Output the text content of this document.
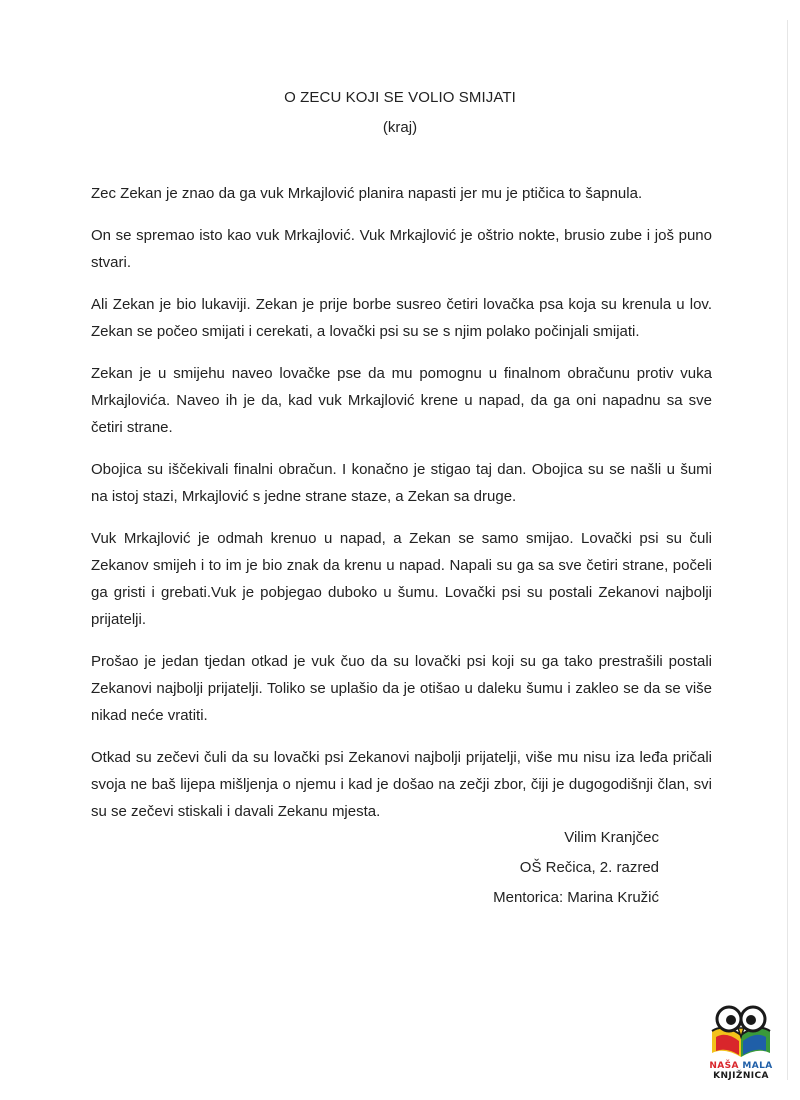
O ZECU KOJI SE VOLIO SMIJATI
(kraj)

Zec Zekan je znao da ga vuk Mrkajlović planira napasti jer mu je ptičica to šapnula.

On se spremao isto kao vuk Mrkajlović. Vuk Mrkajlović je oštrio nokte, brusio zube i još puno stvari.

Ali Zekan je bio lukaviji. Zekan je prije borbe susreo četiri lovačka psa koja su krenula u lov. Zekan se počeo smijati i cerekati, a lovački psi su se s njim polako počinjali smijati.

Zekan je u smijehu naveo lovačke pse da mu pomognu u finalnom obračunu protiv vuka Mrkajlovića. Naveo ih je da, kad vuk Mrkajlović krene u napad, da ga oni napadnu sa sve četiri strane.

Obojica su iščekivali finalni obračun. I konačno je stigao taj dan. Obojica su se našli u šumi na istoj stazi, Mrkajlović s jedne strane staze, a Zekan sa druge.

Vuk Mrkajlović je odmah krenuo u napad, a Zekan se samo smijao. Lovački psi su čuli Zekanov smijeh i to im je bio znak da krenu u napad. Napali su ga sa sve četiri strane, počeli ga gristi i grebati.Vuk je pobjegao duboko u šumu. Lovački psi su postali Zekanovi najbolji prijatelji.

Prošao je jedan tjedan otkad je vuk čuo da su lovački psi koji su ga tako prestrašili postali Zekanovi najbolji prijatelji. Toliko se uplašio da je otišao u daleku šumu i zakleo se da se više nikad neće vratiti.

Otkad su zečevi čuli da su lovački psi Zekanovi najbolji prijatelji, više mu nisu iza leđa pričali svoja ne baš lijepa mišljenja o njemu i kad je došao na zečji zbor, čiji je dugogodišnji član, svi su se zečevi stiskali i davali Zekanu mjesta.

Vilim Kranjčec
OŠ Rečica, 2. razred
Mentorica: Marina Kružić
NAŠA MALA
KNJIŽNICA
